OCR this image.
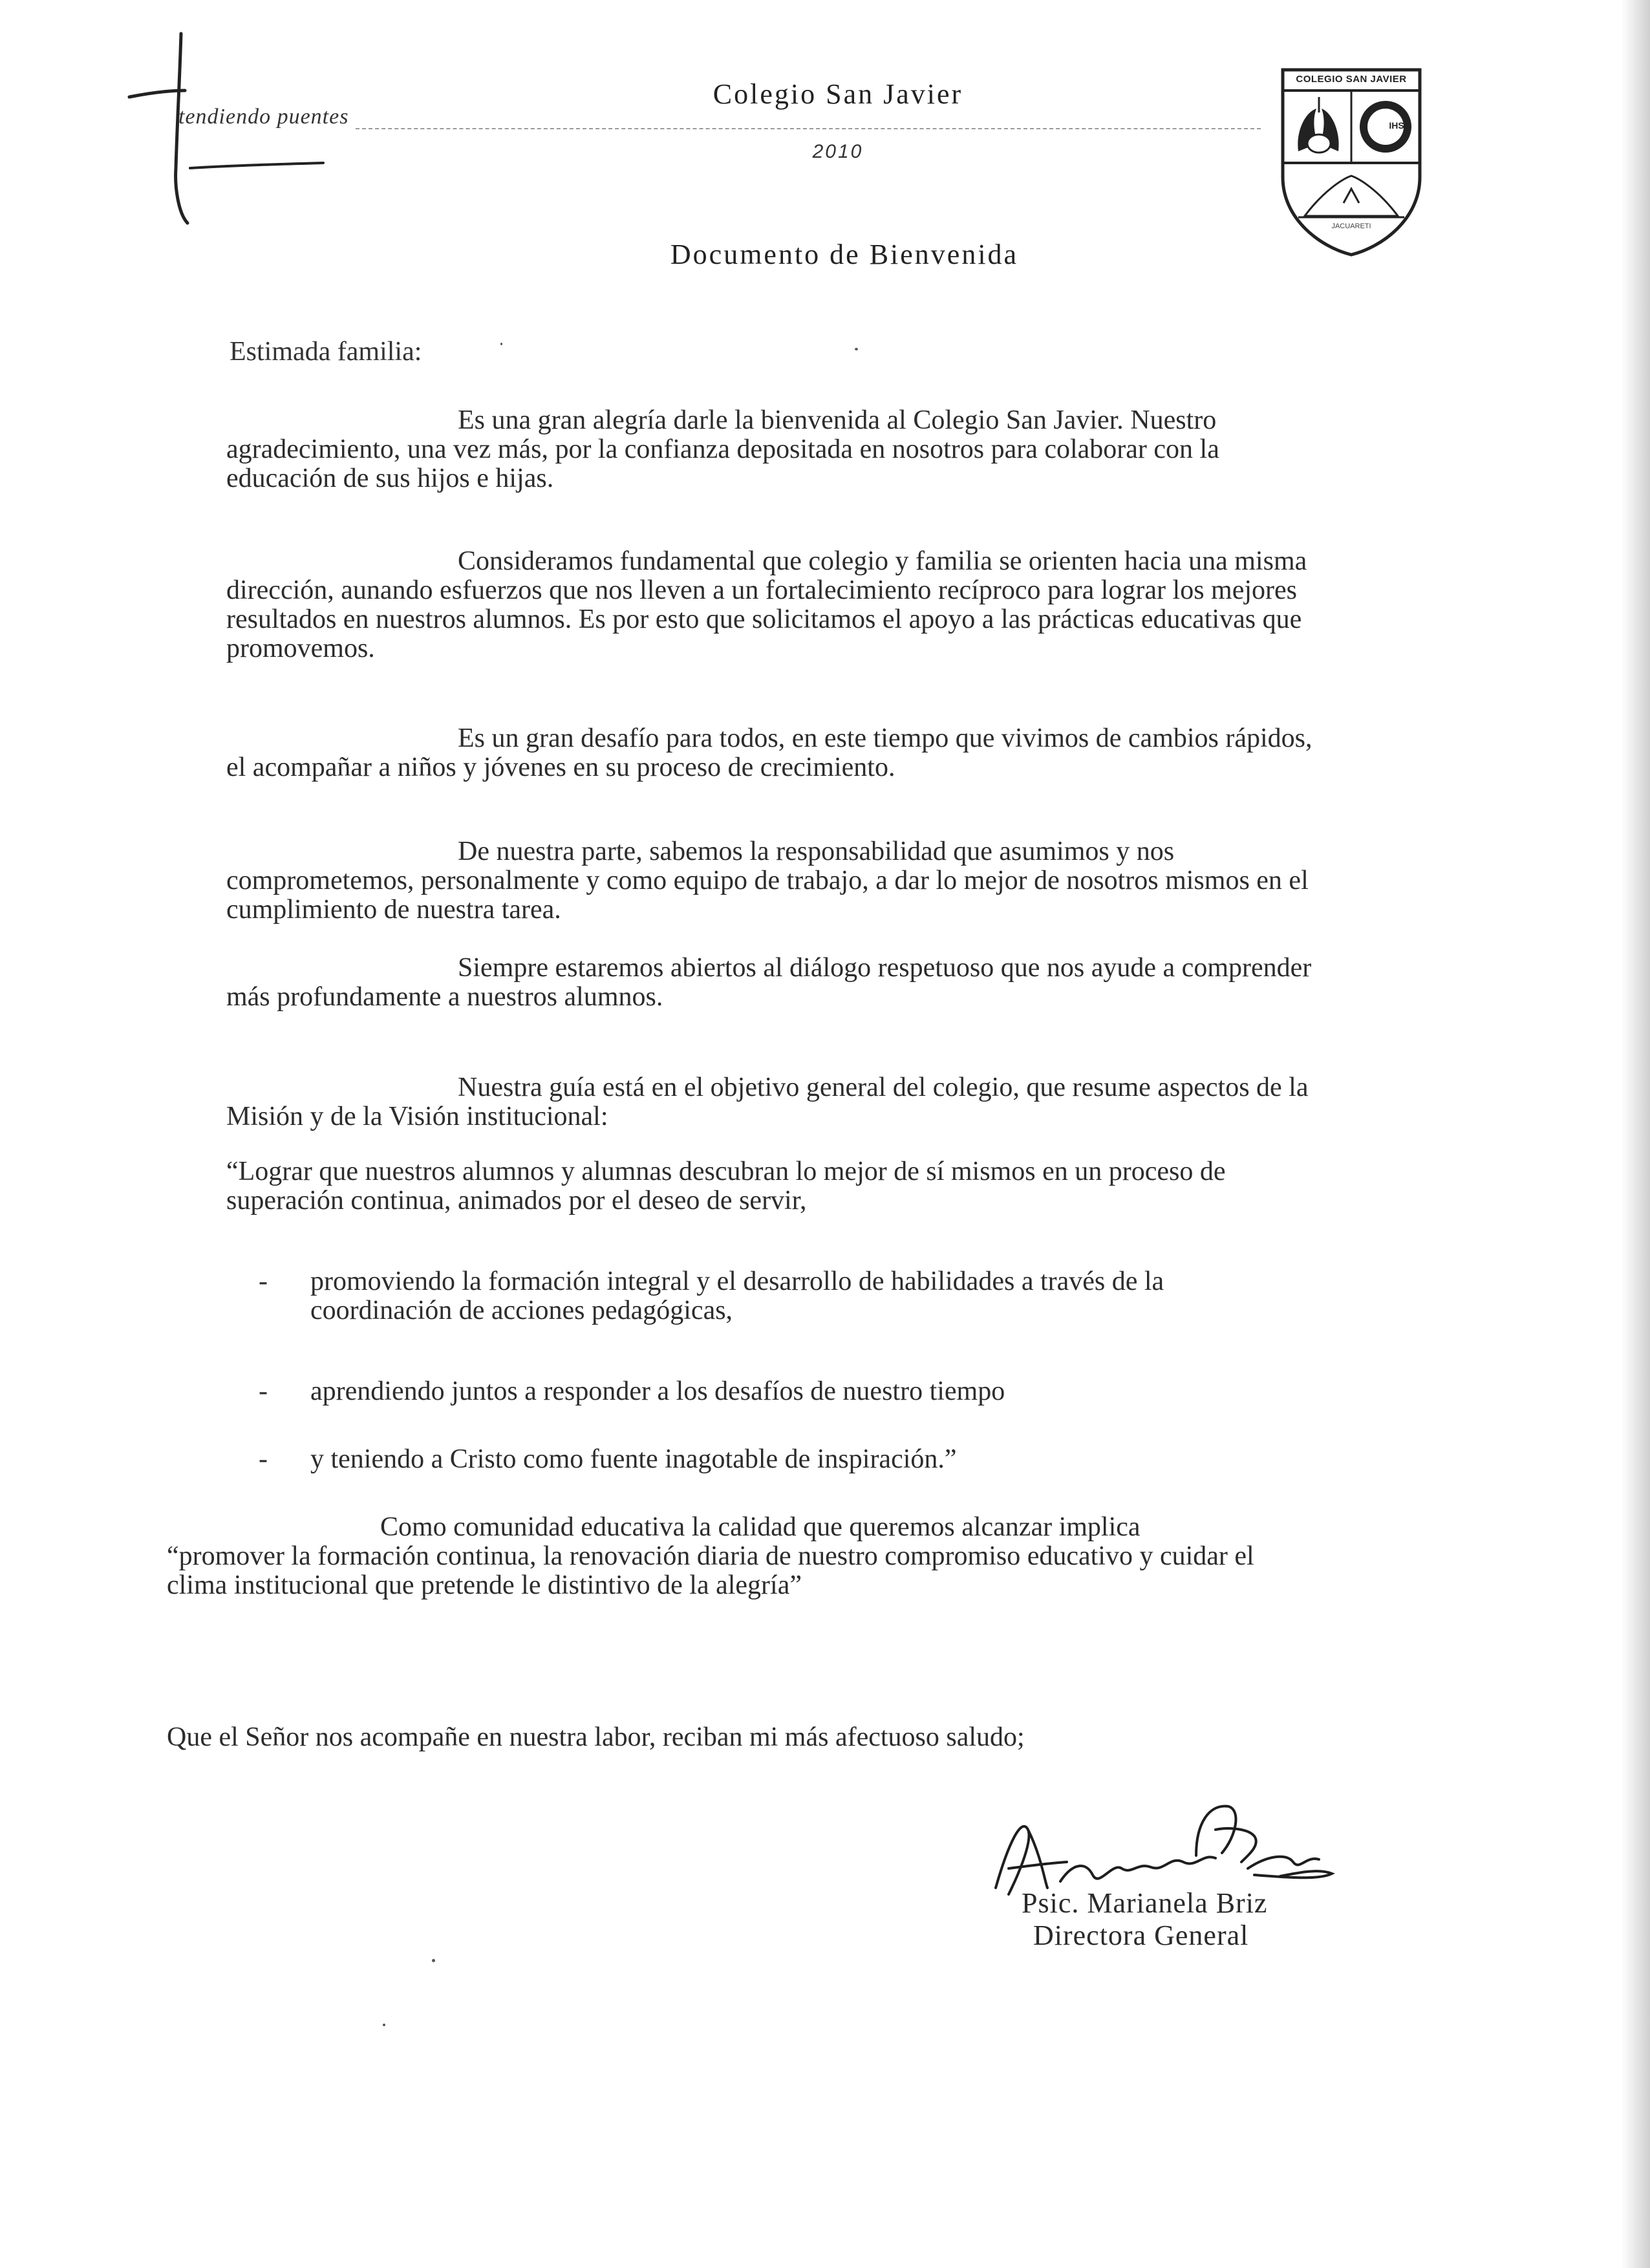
tendiendo puentes
Colegio San Javier
2010
COLEGIO SAN JAVIER
IHS
JACUARETI
Documento de Bienvenida
Estimada familia:
Es una gran alegría darle la bienvenida al Colegio San Javier. Nuestro agradecimiento, una vez más, por la confianza depositada en nosotros para colaborar con la educación de sus hijos e hijas.
Consideramos fundamental que colegio y familia se orienten hacia una misma dirección, aunando esfuerzos que nos lleven a un fortalecimiento recíproco para lograr los mejores resultados en nuestros alumnos. Es por esto que solicitamos el apoyo a las prácticas educativas que promovemos.
Es un gran desafío para todos, en este tiempo que vivimos de cambios rápidos, el acompañar a niños y jóvenes en su proceso de crecimiento.
De nuestra parte, sabemos la responsabilidad que asumimos y nos comprometemos, personalmente y como equipo de trabajo, a dar lo mejor de nosotros mismos en el cumplimiento de nuestra tarea.
Siempre estaremos abiertos al diálogo respetuoso que nos ayude a comprender más profundamente a nuestros alumnos.
Nuestra guía está en el objetivo general del colegio, que resume aspectos de la Misión y de la Visión institucional:
“Lograr que nuestros alumnos y alumnas descubran lo mejor de sí mismos en un proceso de superación continua, animados por el deseo de servir,
-	promoviendo la formación integral y el desarrollo de habilidades a través de la coordinación de acciones pedagógicas,
-	aprendiendo juntos a responder a los desafíos de nuestro tiempo
-	y teniendo a Cristo como fuente inagotable de inspiración.”
Como comunidad educativa la calidad que queremos alcanzar implica
“promover la formación continua, la renovación diaria de nuestro compromiso educativo y cuidar el clima institucional que pretende le distintivo de la alegría”
Que el Señor nos acompañe en nuestra labor, reciban mi más afectuoso saludo;
Psic. Marianela Briz
Directora General
